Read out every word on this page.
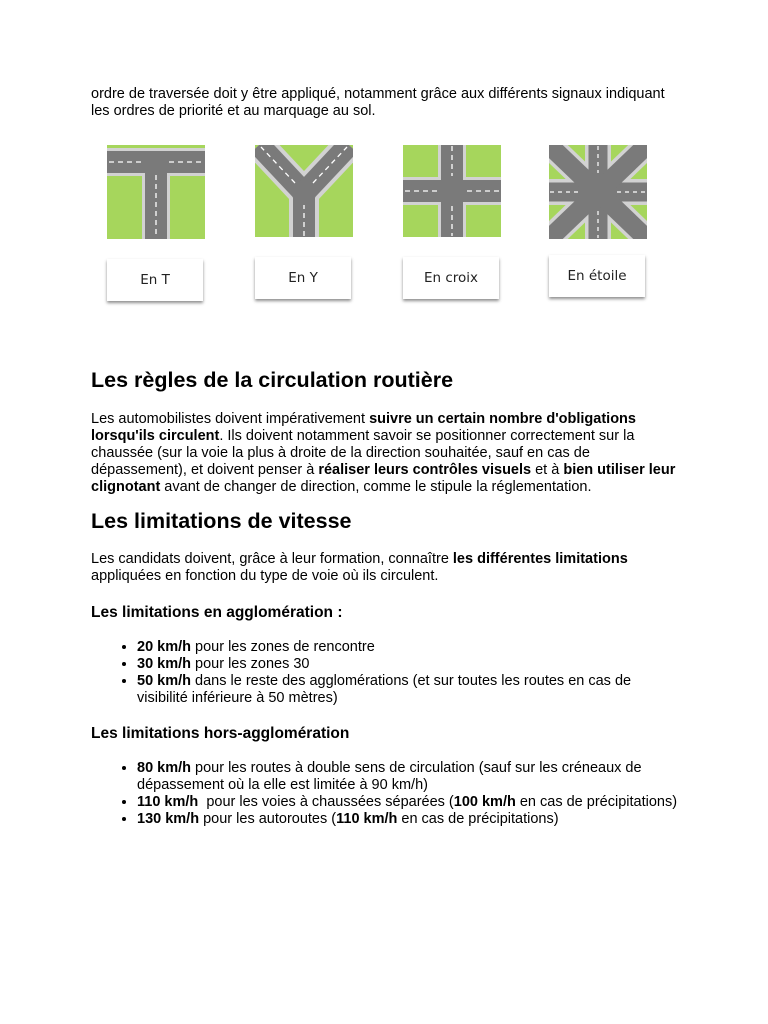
ordre de traversée doit y être appliqué, notamment grâce aux différents signaux indiquant les ordres de priorité et au marquage au sol.

En T	En Y	En croix	En étoile
Les règles de la circulation routière

Les automobilistes doivent impérativement suivre un certain nombre d'obligations lorsqu'ils circulent. Ils doivent notamment savoir se positionner correctement sur la chaussée (sur la voie la plus à droite de la direction souhaitée, sauf en cas de dépassement), et doivent penser à réaliser leurs contrôles visuels et à bien utiliser leur clignotant avant de changer de direction, comme le stipule la réglementation.

Les limitations de vitesse

Les candidats doivent, grâce à leur formation, connaître les différentes limitations appliquées en fonction du type de voie où ils circulent.

Les limitations en agglomération :
• 20 km/h pour les zones de rencontre
• 30 km/h pour les zones 30
• 50 km/h dans le reste des agglomérations (et sur toutes les routes en cas de visibilité inférieure à 50 mètres)
Les limitations hors-agglomération
• 80 km/h pour les routes à double sens de circulation (sauf sur les créneaux de dépassement où la elle est limitée à 90 km/h)
• 110 km/h  pour les voies à chaussées séparées (100 km/h en cas de précipitations)
• 130 km/h pour les autoroutes (110 km/h en cas de précipitations)
